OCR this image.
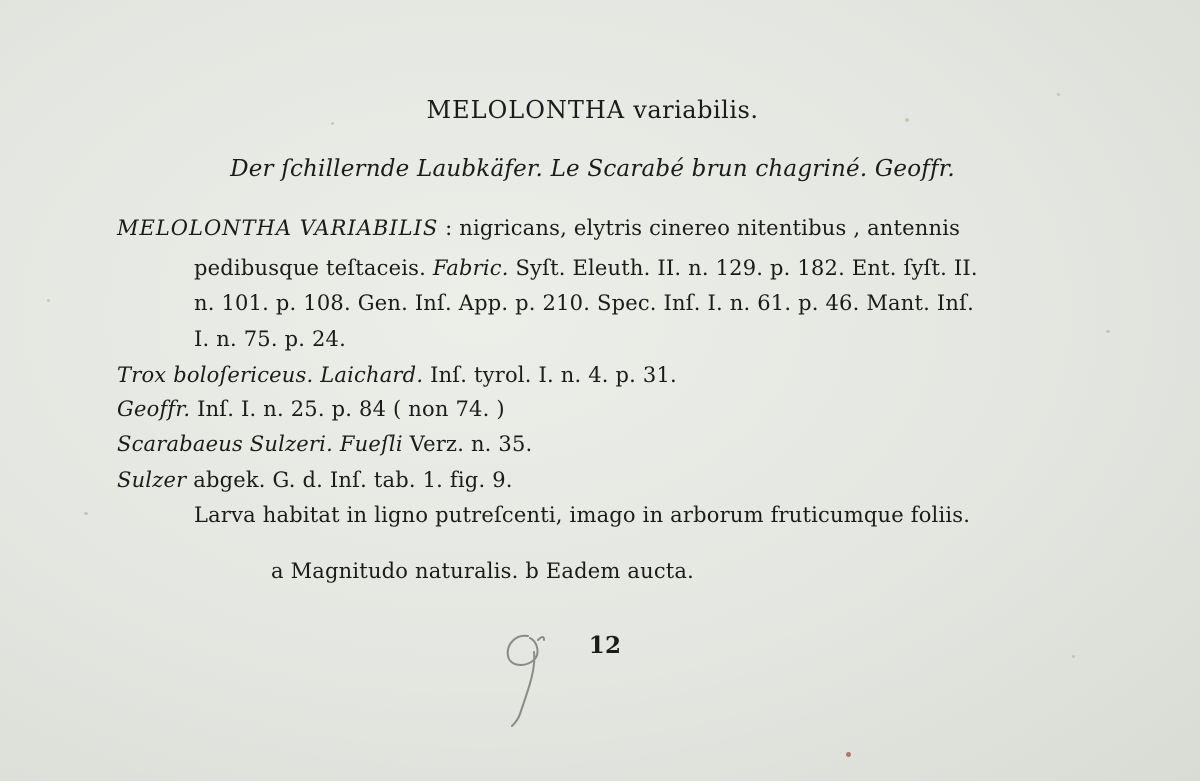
MELOLONTHA variabilis.
Der ſchillernde Laubkäfer. Le Scarabé brun chagriné. Geoffr.
MELOLONTHA VARIABILIS : nigricans, elytris cinereo nitentibus , antennis
pedibusque teſtaceis. Fabric. Syſt. Eleuth. II. n. 129. p. 182. Ent. ſyſt. II.
n. 101. p. 108. Gen. Inſ. App. p. 210. Spec. Inſ. I. n. 61. p. 46. Mant. Inſ.
I. n. 75. p. 24.
Trox boloſericeus. Laichard. Inſ. tyrol. I. n. 4. p. 31.
Geoffr. Inſ. I. n. 25. p. 84 ( non 74. )
Scarabaeus Sulzeri. Fueſli Verz. n. 35.
Sulzer abgek. G. d. Inſ. tab. 1. fig. 9.
Larva habitat in ligno putreſcenti, imago in arborum fruticumque foliis.
a Magnitudo naturalis. b Eadem aucta.
12
